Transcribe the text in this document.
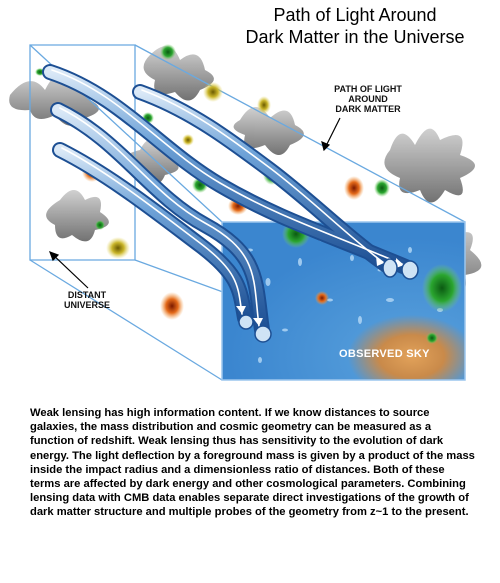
Path of Light Around
Dark Matter in the Universe
PATH OF LIGHT
AROUND
DARK MATTER
DISTANT
UNIVERSE
OBSERVED SKY
Weak lensing has high information content. If we know distances to source galaxies, the mass distribution and cosmic geometry can be measured as a function of redshift. Weak lensing thus has sensitivity to the evolution of dark energy. The light deflection by a foreground mass is given by a product of the mass inside the impact radius and a dimensionless ratio of distances. Both of these terms are affected by dark energy and other cosmological parameters. Combining lensing data with CMB data enables separate direct investigations of the growth of dark matter structure and multiple probes of the geometry from z~1 to the present.
